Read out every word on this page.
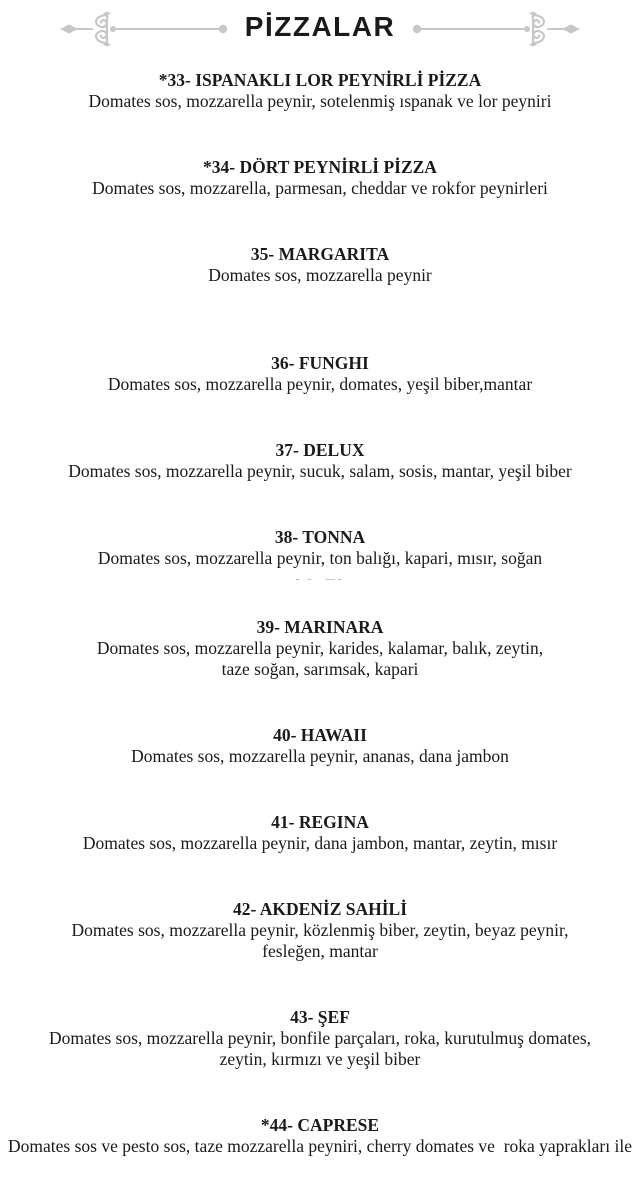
PİZZALAR
*33- ISPANAKLI LOR PEYNİRLİ PİZZA
Domates sos, mozzarella peynir, sotelenmiş ıspanak ve lor peyniri
*34- DÖRT PEYNİRLİ PİZZA
Domates sos, mozzarella, parmesan, cheddar ve rokfor peynirleri
35- MARGARITA
Domates sos, mozzarella peynir
36- FUNGHI
Domates sos, mozzarella peynir, domates, yeşil biber,mantar
37- DELUX
Domates sos, mozzarella peynir, sucuk, salam, sosis, mantar, yeşil biber
38- TONNA
Domates sos, mozzarella peynir, ton balığı, kapari, mısır, soğan
- -  —-
39- MARINARA
Domates sos, mozzarella peynir, karides, kalamar, balık, zeytin,
taze soğan, sarımsak, kapari
40- HAWAII
Domates sos, mozzarella peynir, ananas, dana jambon
41- REGINA
Domates sos, mozzarella peynir, dana jambon, mantar, zeytin, mısır
42- AKDENİZ SAHİLİ
Domates sos, mozzarella peynir, közlenmiş biber, zeytin, beyaz peynir,
fesleğen, mantar
43- ŞEF
Domates sos, mozzarella peynir, bonfile parçaları, roka, kurutulmuş domates,
zeytin, kırmızı ve yeşil biber
*44- CAPRESE
Domates sos ve pesto sos, taze mozzarella peyniri, cherry domates ve  roka yaprakları ile
